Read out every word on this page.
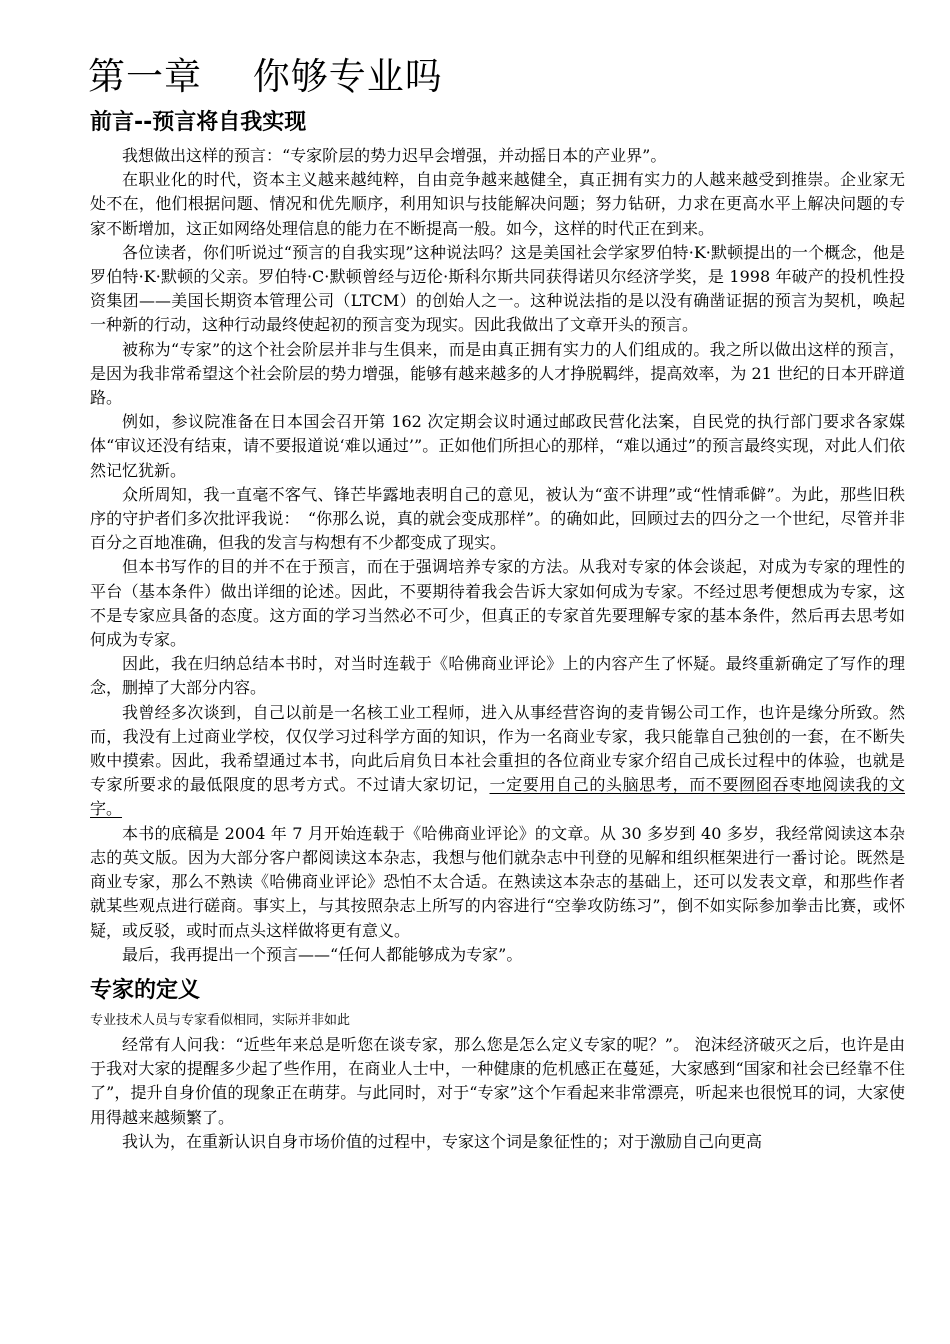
第一章　 你够专业吗
前言--预言将自我实现

我想做出这样的预言：“专家阶层的势力迟早会增强，并动摇日本的产业界”。

在职业化的时代，资本主义越来越纯粹，自由竞争越来越健全，真正拥有实力的人越来越受到推崇。企业家无处不在，他们根据问题、情况和优先顺序，利用知识与技能解决问题；努力钻研，力求在更高水平上解决问题的专家不断增加，这正如网络处理信息的能力在不断提高一般。如今，这样的时代正在到来。

各位读者，你们听说过“预言的自我实现”这种说法吗？这是美国社会学家罗伯特·K·默顿提出的一个概念，他是罗伯特·K·默顿的父亲。罗伯特·C·默顿曾经与迈伦·斯科尔斯共同获得诺贝尔经济学奖，是 1998 年破产的投机性投资集团——美国长期资本管理公司（LTCM）的创始人之一。这种说法指的是以没有确凿证据的预言为契机，唤起一种新的行动，这种行动最终使起初的预言变为现实。因此我做出了文章开头的预言。

被称为“专家”的这个社会阶层并非与生俱来，而是由真正拥有实力的人们组成的。我之所以做出这样的预言，是因为我非常希望这个社会阶层的势力增强，能够有越来越多的人才挣脱羁绊，提高效率，为 21 世纪的日本开辟道路。

例如，参议院准备在日本国会召开第 162 次定期会议时通过邮政民营化法案，自民党的执行部门要求各家媒体“审议还没有结束，请不要报道说‘难以通过’”。正如他们所担心的那样，“难以通过”的预言最终实现，对此人们依然记忆犹新。

众所周知，我一直毫不客气、锋芒毕露地表明自己的意见，被认为“蛮不讲理”或“性情乖僻”。为此，那些旧秩序的守护者们多次批评我说：　“你那么说，真的就会变成那样”。的确如此，回顾过去的四分之一个世纪，尽管并非百分之百地准确，但我的发言与构想有不少都变成了现实。

但本书写作的目的并不在于预言，而在于强调培养专家的方法。从我对专家的体会谈起，对成为专家的理性的平台（基本条件）做出详细的论述。因此，不要期待着我会告诉大家如何成为专家。不经过思考便想成为专家，这不是专家应具备的态度。这方面的学习当然必不可少，但真正的专家首先要理解专家的基本条件，然后再去思考如何成为专家。

因此，我在归纳总结本书时，对当时连载于《哈佛商业评论》上的内容产生了怀疑。最终重新确定了写作的理念，删掉了大部分内容。

我曾经多次谈到，自己以前是一名核工业工程师，进入从事经营咨询的麦肯锡公司工作，也许是缘分所致。然而，我没有上过商业学校，仅仅学习过科学方面的知识，作为一名商业专家，我只能靠自己独创的一套，在不断失败中摸索。因此，我希望通过本书，向此后肩负日本社会重担的各位商业专家介绍自己成长过程中的体验，也就是专家所要求的最低限度的思考方式。不过请大家切记，一定要用自己的头脑思考，而不要囫囵吞枣地阅读我的文字。

本书的底稿是 2004 年 7 月开始连载于《哈佛商业评论》的文章。从 30 多岁到 40 多岁，我经常阅读这本杂志的英文版。因为大部分客户都阅读这本杂志，我想与他们就杂志中刊登的见解和组织框架进行一番讨论。既然是商业专家，那么不熟读《哈佛商业评论》恐怕不太合适。在熟读这本杂志的基础上，还可以发表文章，和那些作者就某些观点进行磋商。事实上，与其按照杂志上所写的内容进行“空拳攻防练习”，倒不如实际参加拳击比赛，或怀疑，或反驳，或时而点头这样做将更有意义。

最后，我再提出一个预言——“任何人都能够成为专家”。

专家的定义

专业技术人员与专家看似相同，实际并非如此

经常有人问我：“近些年来总是听您在谈专家，那么您是怎么定义专家的呢？”。 泡沫经济破灭之后，也许是由于我对大家的提醒多少起了些作用，在商业人士中，一种健康的危机感正在蔓延，大家感到“国家和社会已经靠不住了”，提升自身价值的现象正在萌芽。与此同时，对于“专家”这个乍看起来非常漂亮，听起来也很悦耳的词，大家使用得越来越频繁了。

我认为，在重新认识自身市场价值的过程中，专家这个词是象征性的；对于激励自己向更高
